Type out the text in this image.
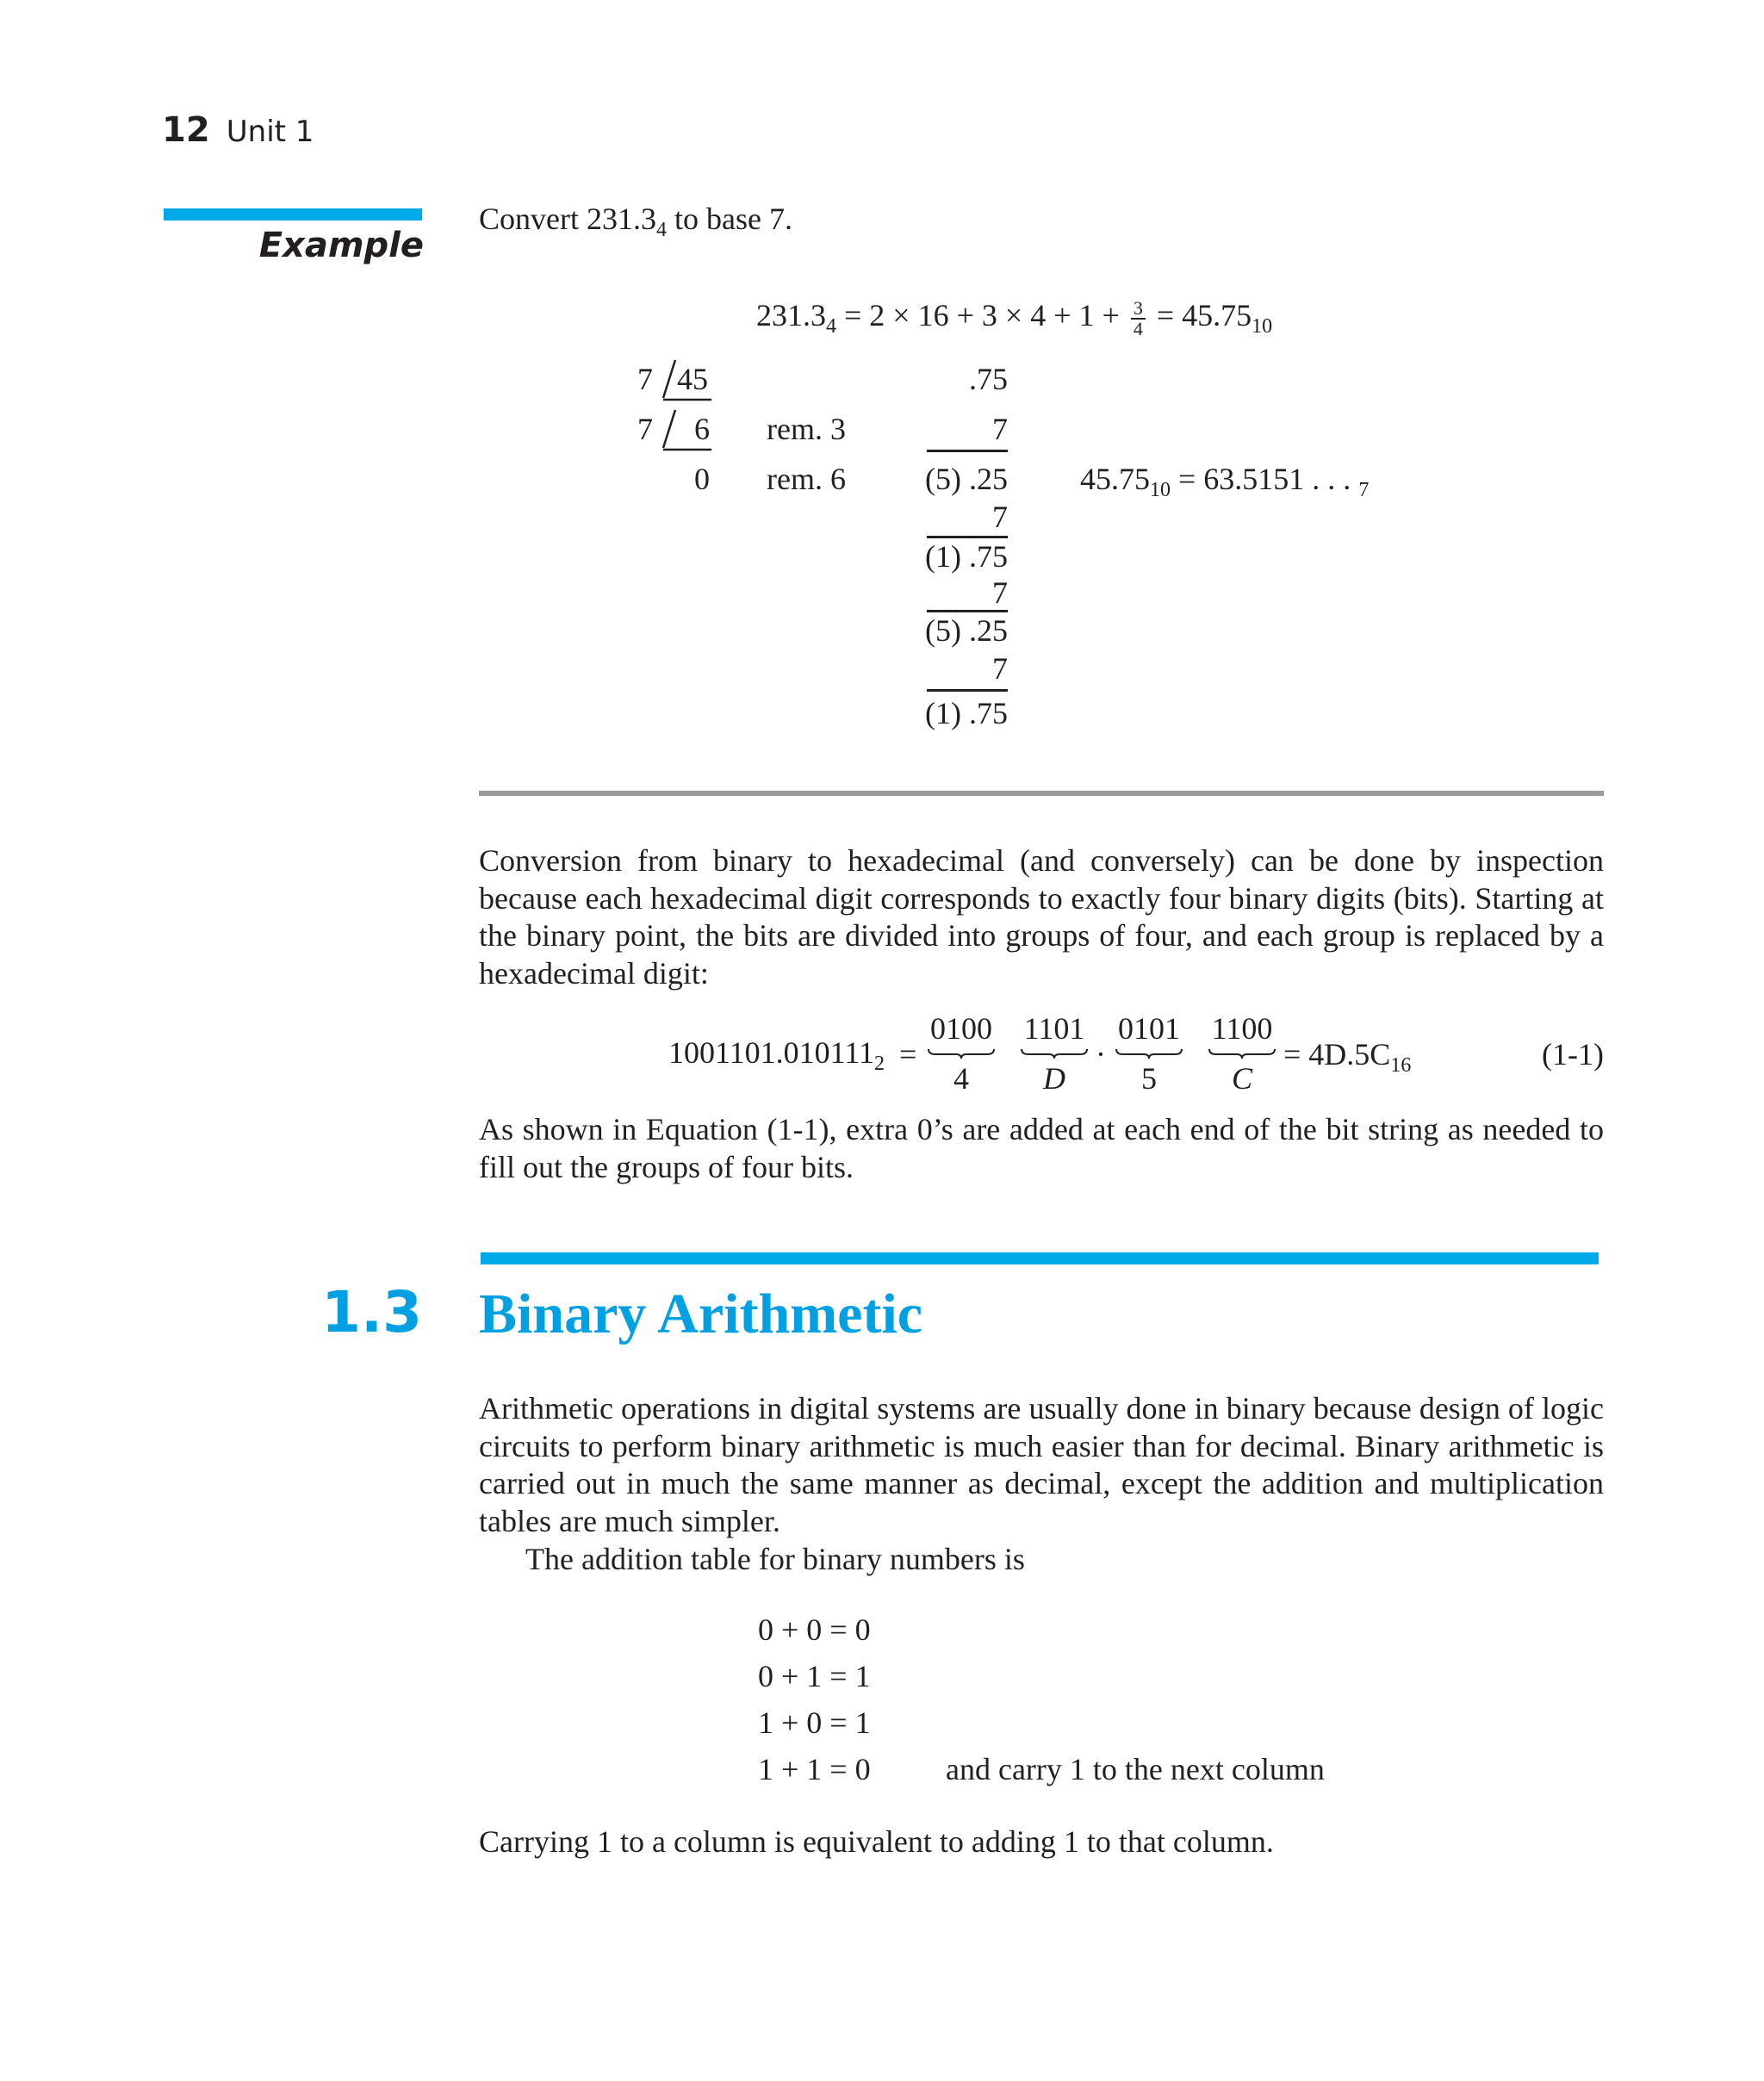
12 Unit 1
Example
Convert $231.3_4$ to base 7.
$231.3_4 = 2 \times 16 + 3 \times 4 + 1 + \frac{3}{4} = 45.75_{10}$
7 45
7 6 rem. 3
0 rem. 6
.75
7
(5) .25
7
(1) .75
7
(5) .25
7
(1) .75
$45.75_{10} = 63.5151$ . . . $_7$
Conversion from binary to hexadecimal (and conversely) can be done by inspection because each hexadecimal digit corresponds to exactly four binary digits (bits). Starting at the binary point, the bits are divided into groups of four, and each group is replaced by a hexadecimal digit:
$1001101.010111_2$ =
0100
4
1101
D
·
0101
5
1100
C
= $4D.5C_{16}$	(1-1)
As shown in Equation (1-1), extra 0’s are added at each end of the bit string as needed to fill out the groups of four bits.
1.3 Binary Arithmetic
Arithmetic operations in digital systems are usually done in binary because design of logic circuits to perform binary arithmetic is much easier than for decimal. Binary arithmetic is carried out in much the same manner as decimal, except the addition and multiplication tables are much simpler.
The addition table for binary numbers is
0 + 0 = 0
0 + 1 = 1
1 + 0 = 1
1 + 1 = 0 and carry 1 to the next column
Carrying 1 to a column is equivalent to adding 1 to that column.
